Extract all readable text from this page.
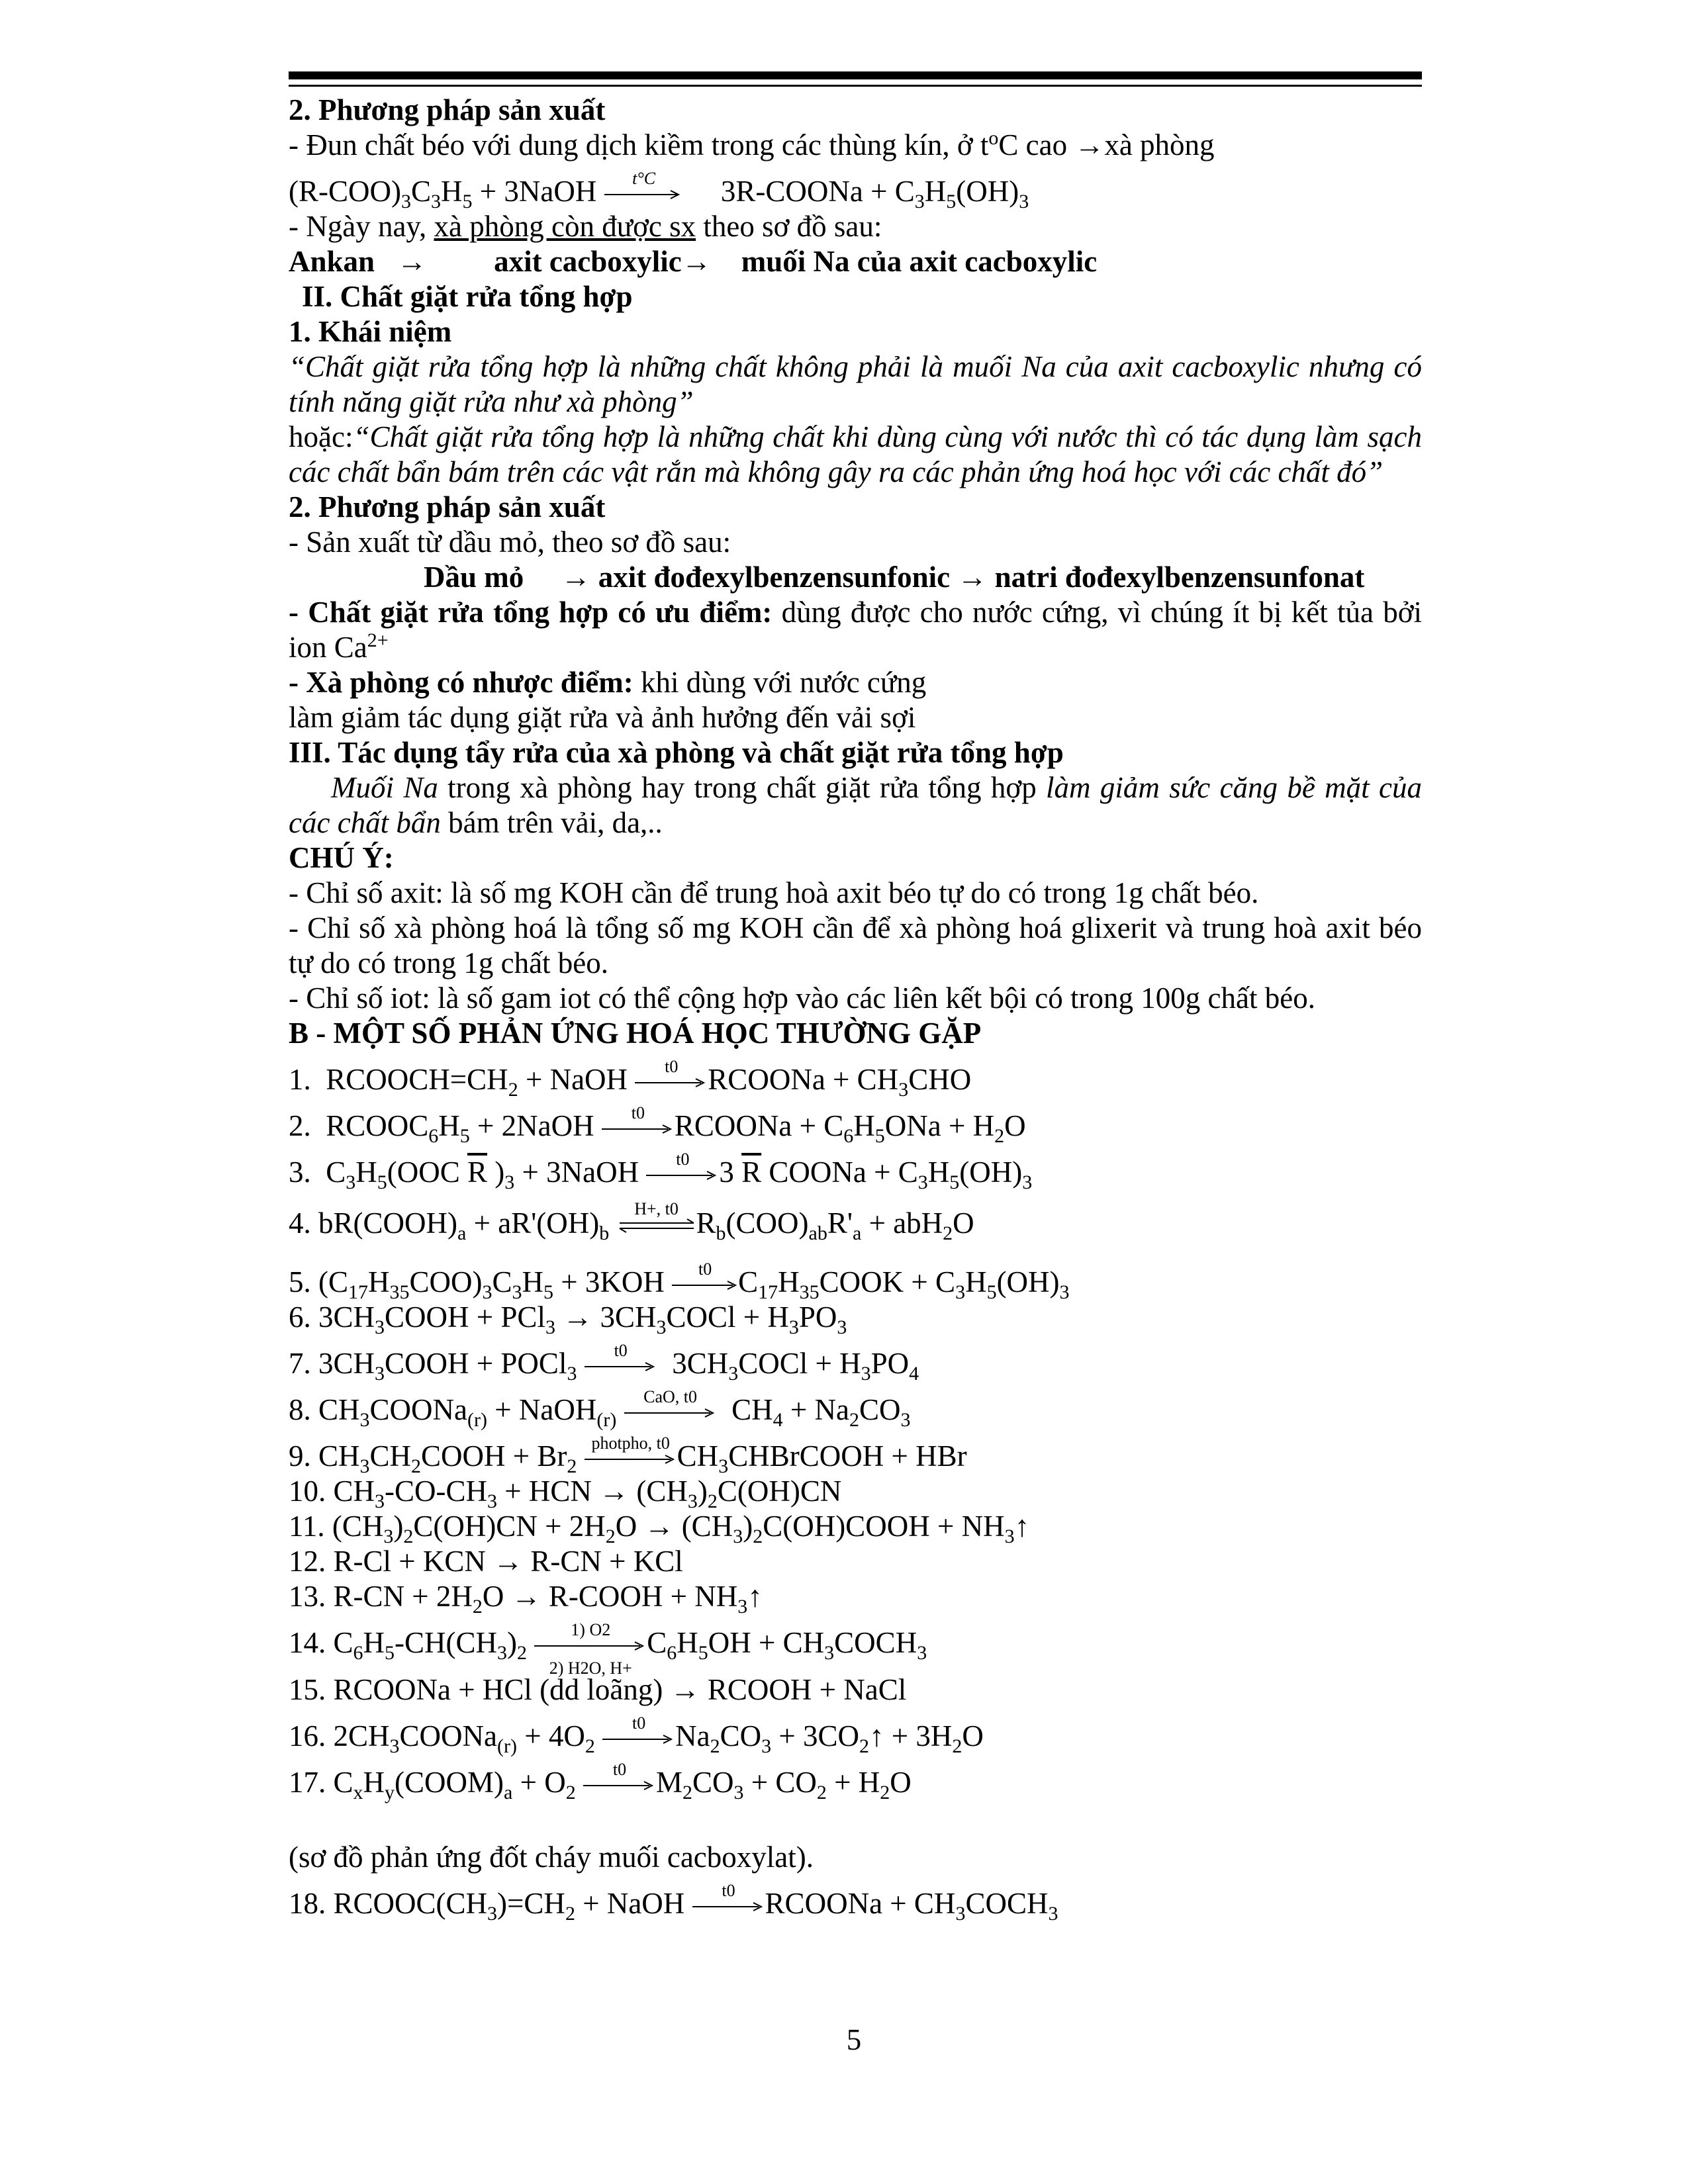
2. Phương pháp sản xuất
- Đun chất béo với dung dịch kiềm trong các thùng kín, ở $t^oC$ cao →xà phòng
$(R-COO)_3C_3H_5$ + 3NaOH	t°C	3R-COONa + $C_3H_5(OH)_3$
- Ngày nay, xà phòng còn được sx theo sơ đồ sau:
Ankan → axit cacboxylic→ muối Na của axit cacboxylic
II. Chất giặt rửa tổng hợp
1. Khái niệm
“Chất giặt rửa tổng hợp là những chất không phải là muối Na của axit cacboxylic nhưng có tính năng giặt rửa như xà phòng”
hoặc:“Chất giặt rửa tổng hợp là những chất khi dùng cùng với nước thì có tác dụng làm sạch các chất bẩn bám trên các vật rắn mà không gây ra các phản ứng hoá học với các chất đó”
2. Phương pháp sản xuất
- Sản xuất từ dầu mỏ, theo sơ đồ sau:
Dầu mỏ     → axit đođexylbenzensunfonic → natri đođexylbenzensunfonat
- Chất giặt rửa tổng hợp có ưu điểm: dùng được cho nước cứng, vì chúng ít bị kết tủa bởi ion $Ca^{2+}$
- Xà phòng có nhược điểm: khi dùng với nước cứng
làm giảm tác dụng giặt rửa và ảnh hưởng đến vải sợi
III. Tác dụng tẩy rửa của xà phòng và chất giặt rửa tổng hợp
Muối Na trong xà phòng hay trong chất giặt rửa tổng hợp làm giảm sức căng bề mặt của các chất bẩn bám trên vải, da,..
CHÚ Ý:
- Chỉ số axit: là số mg KOH cần để trung hoà axit béo tự do có trong 1g chất béo.
- Chỉ số xà phòng hoá là tổng số mg KOH cần để xà phòng hoá glixerit và trung hoà axit béo tự do có trong 1g chất béo.
- Chỉ số iot: là số gam iot có thể cộng hợp vào các liên kết bội có trong 100g chất béo.
B - MỘT SỐ PHẢN ỨNG HOÁ HỌC THƯỜNG GẶP
1.  $RCOOCH=CH_2$ + NaOH	t0 RCOONa + $CH_3CHO$
2.  $RCOOC_6H_5$ + 2NaOH	t0 RCOONa + $C_6H_5ONa + H_2O$
3.  $C_3H_5(OOC$ $\overline{R}$ )$_3$ + 3NaOH	t0 3 $\overline{R}$ COONa + $C_3H_5(OH)_3$
4. $bR(COOH)_a + aR'(OH)_b$
H+, t0 $R_b(COO)_{ab}R'_a + abH_2O$
5. $(C_{17}H_{35}COO)_3C_3H_5 + 3KOH$	t0 $C_{17}H_{35}COOK + C_3H_5(OH)_3$
6. $3CH_3COOH + PCl_3$ → $3CH_3COCl + H_3PO_3$
7. $3CH_3COOH$ + POCl$_3$
t0 $3CH_3COCl + H_3PO_4$
8. $CH_3COONa_{(r)}$ + NaOH$_{(r)}$
CaO, t0 $CH_4 + Na_2CO_3$
9. $CH_3CH_2COOH + Br_2$
photpho, t0 $CH_3CHBrCOOH$ + HBr
10. $CH_3-CO-CH_3$ + HCN → $(CH_3)_2C(OH)CN$
11. $(CH_3)_2C(OH)CN + 2H_2O$ → $(CH_3)_2C(OH)COOH$ + $NH_3↑$
12. R-Cl + KCN → R-CN + KCl
13. $R-CN + 2H_2O$ → R-COOH + $NH_3↑$
14. $C_6H_5-CH(CH_3)_2$
1) O2
2) H2O, H+
$C_6H_5OH$ + $CH_3COCH_3$
15. RCOONa + HCl (dd loãng) → RCOOH + NaCl
16. $2CH_3COONa_{(r)} + 4O_2$
t0 $Na_2CO_3$ + $3CO_2↑ + 3H_2O$
17. $C_xH_y(COOM)_a + O_2$
t0 $M_2CO_3 + CO_2 + H_2O$
(sơ đồ phản ứng đốt cháy muối cacboxylat).
18. $RCOOC(CH_3)=CH_2$ + NaOH	t0 RCOONa + $CH_3COCH_3$
5
